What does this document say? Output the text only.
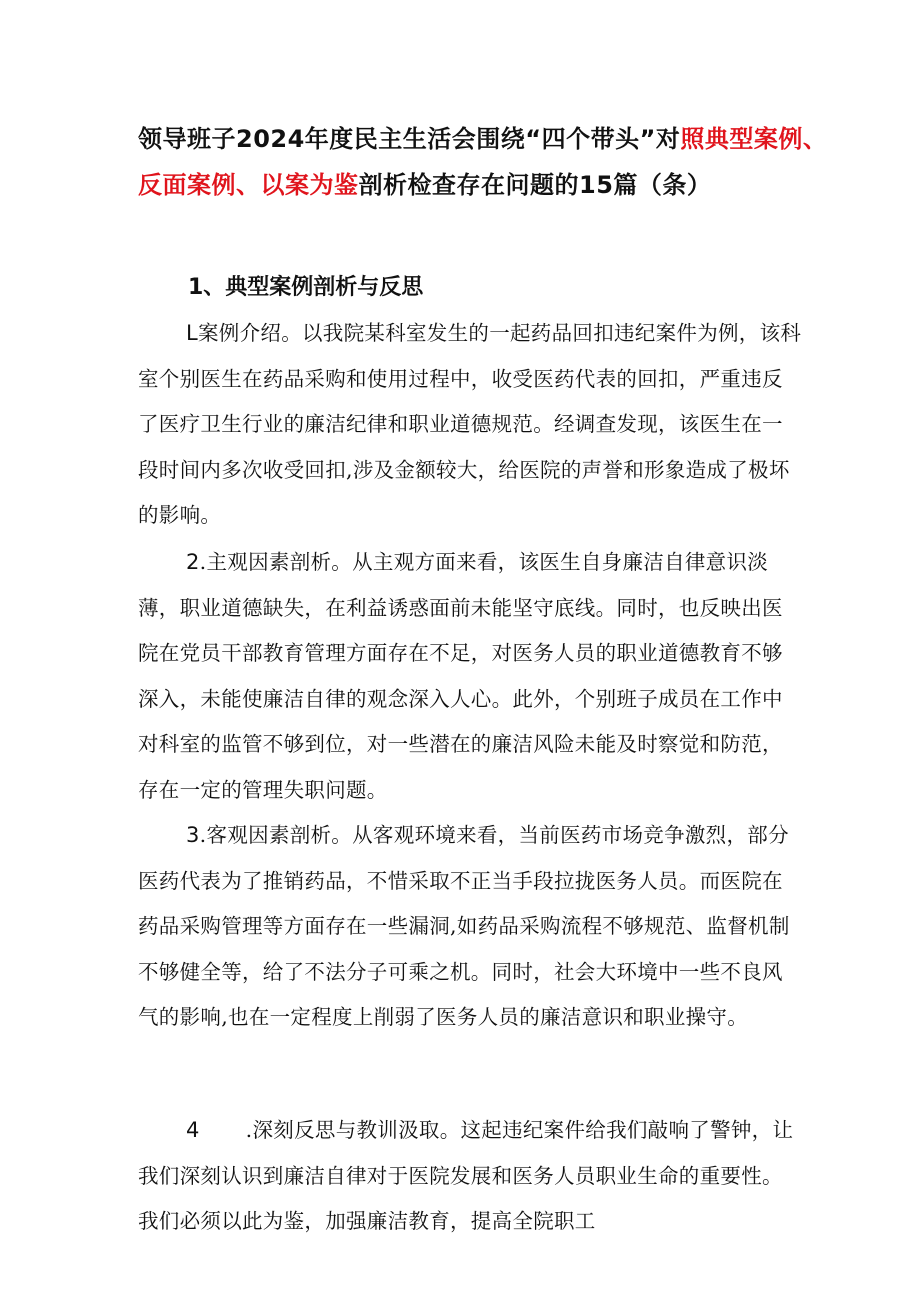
领导班子2024年度民主生活会围绕“四个带头”对照典型案例、反面案例、以案为鉴剖析检查存在问题的15篇（条）
1、典型案例剖析与反思

L案例介绍。以我院某科室发生的一起药品回扣违纪案件为例，该科室个别医生在药品采购和使用过程中，收受医药代表的回扣，严重违反了医疗卫生行业的廉洁纪律和职业道德规范。经调查发现，该医生在一段时间内多次收受回扣,涉及金额较大，给医院的声誉和形象造成了极坏的影响。

2.主观因素剖析。从主观方面来看，该医生自身廉洁自律意识淡薄，职业道德缺失，在利益诱惑面前未能坚守底线。同时，也反映出医院在党员干部教育管理方面存在不足，对医务人员的职业道德教育不够深入，未能使廉洁自律的观念深入人心。此外，个别班子成员在工作中对科室的监管不够到位，对一些潜在的廉洁风险未能及时察觉和防范，存在一定的管理失职问题。

3.客观因素剖析。从客观环境来看，当前医药市场竞争激烈，部分医药代表为了推销药品，不惜采取不正当手段拉拢医务人员。而医院在药品采购管理等方面存在一些漏洞,如药品采购流程不够规范、监督机制不够健全等，给了不法分子可乘之机。同时，社会大环境中一些不良风气的影响,也在一定程度上削弱了医务人员的廉洁意识和职业操守。

4 .深刻反思与教训汲取。这起违纪案件给我们敲响了警钟，让我们深刻认识到廉洁自律对于医院发展和医务人员职业生命的重要性。我们必须以此为鉴，加强廉洁教育，提高全院职工
